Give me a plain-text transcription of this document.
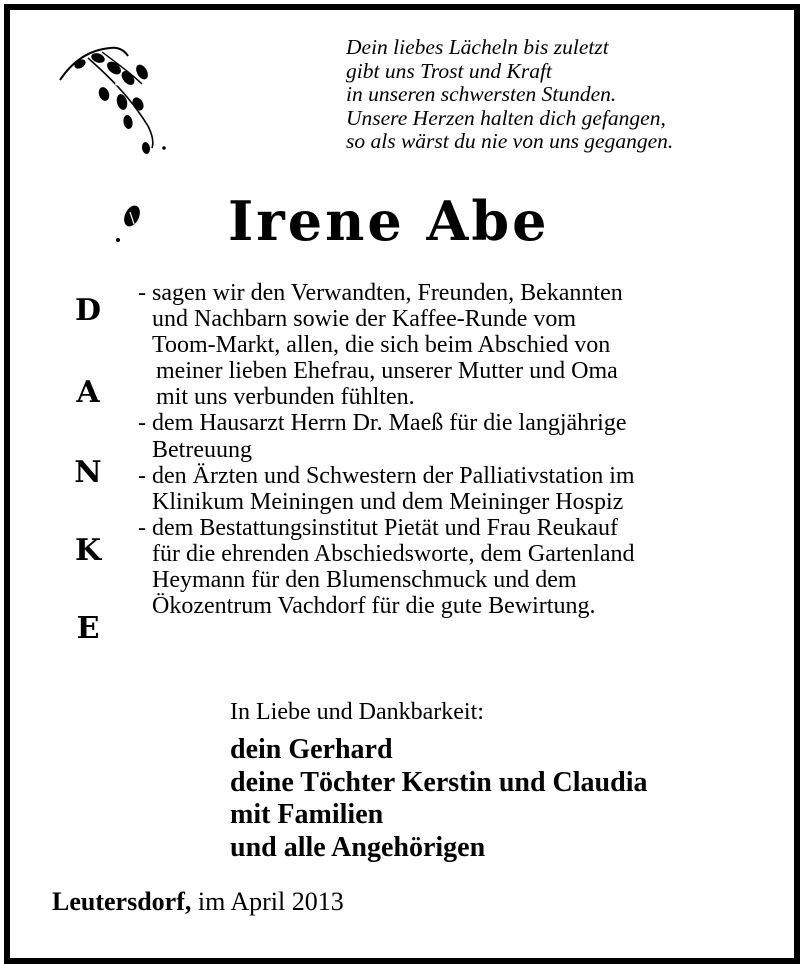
Dein liebes Lächeln bis zuletzt
gibt uns Trost und Kraft
in unseren schwersten Stunden.
Unsere Herzen halten dich gefangen,
so als wärst du nie von uns gegangen.
Irene Abe
D
A
N
K
E
- sagen wir den Verwandten, Freunden, Bekannten
und Nachbarn sowie der Kaffee-Runde vom
Toom-Markt, allen, die sich beim Abschied von
meiner lieben Ehefrau, unserer Mutter und Oma
mit uns verbunden fühlten.
- dem Hausarzt Herrn Dr. Maeß für die langjährige
Betreuung
- den Ärzten und Schwestern der Palliativstation im
Klinikum Meiningen und dem Meininger Hospiz
- dem Bestattungsinstitut Pietät und Frau Reukauf
für die ehrenden Abschiedsworte, dem Gartenland
Heymann für den Blumenschmuck und dem
Ökozentrum Vachdorf für die gute Bewirtung.
In Liebe und Dankbarkeit:
dein Gerhard
deine Töchter Kerstin und Claudia
mit Familien
und alle Angehörigen
Leutersdorf, im April 2013
